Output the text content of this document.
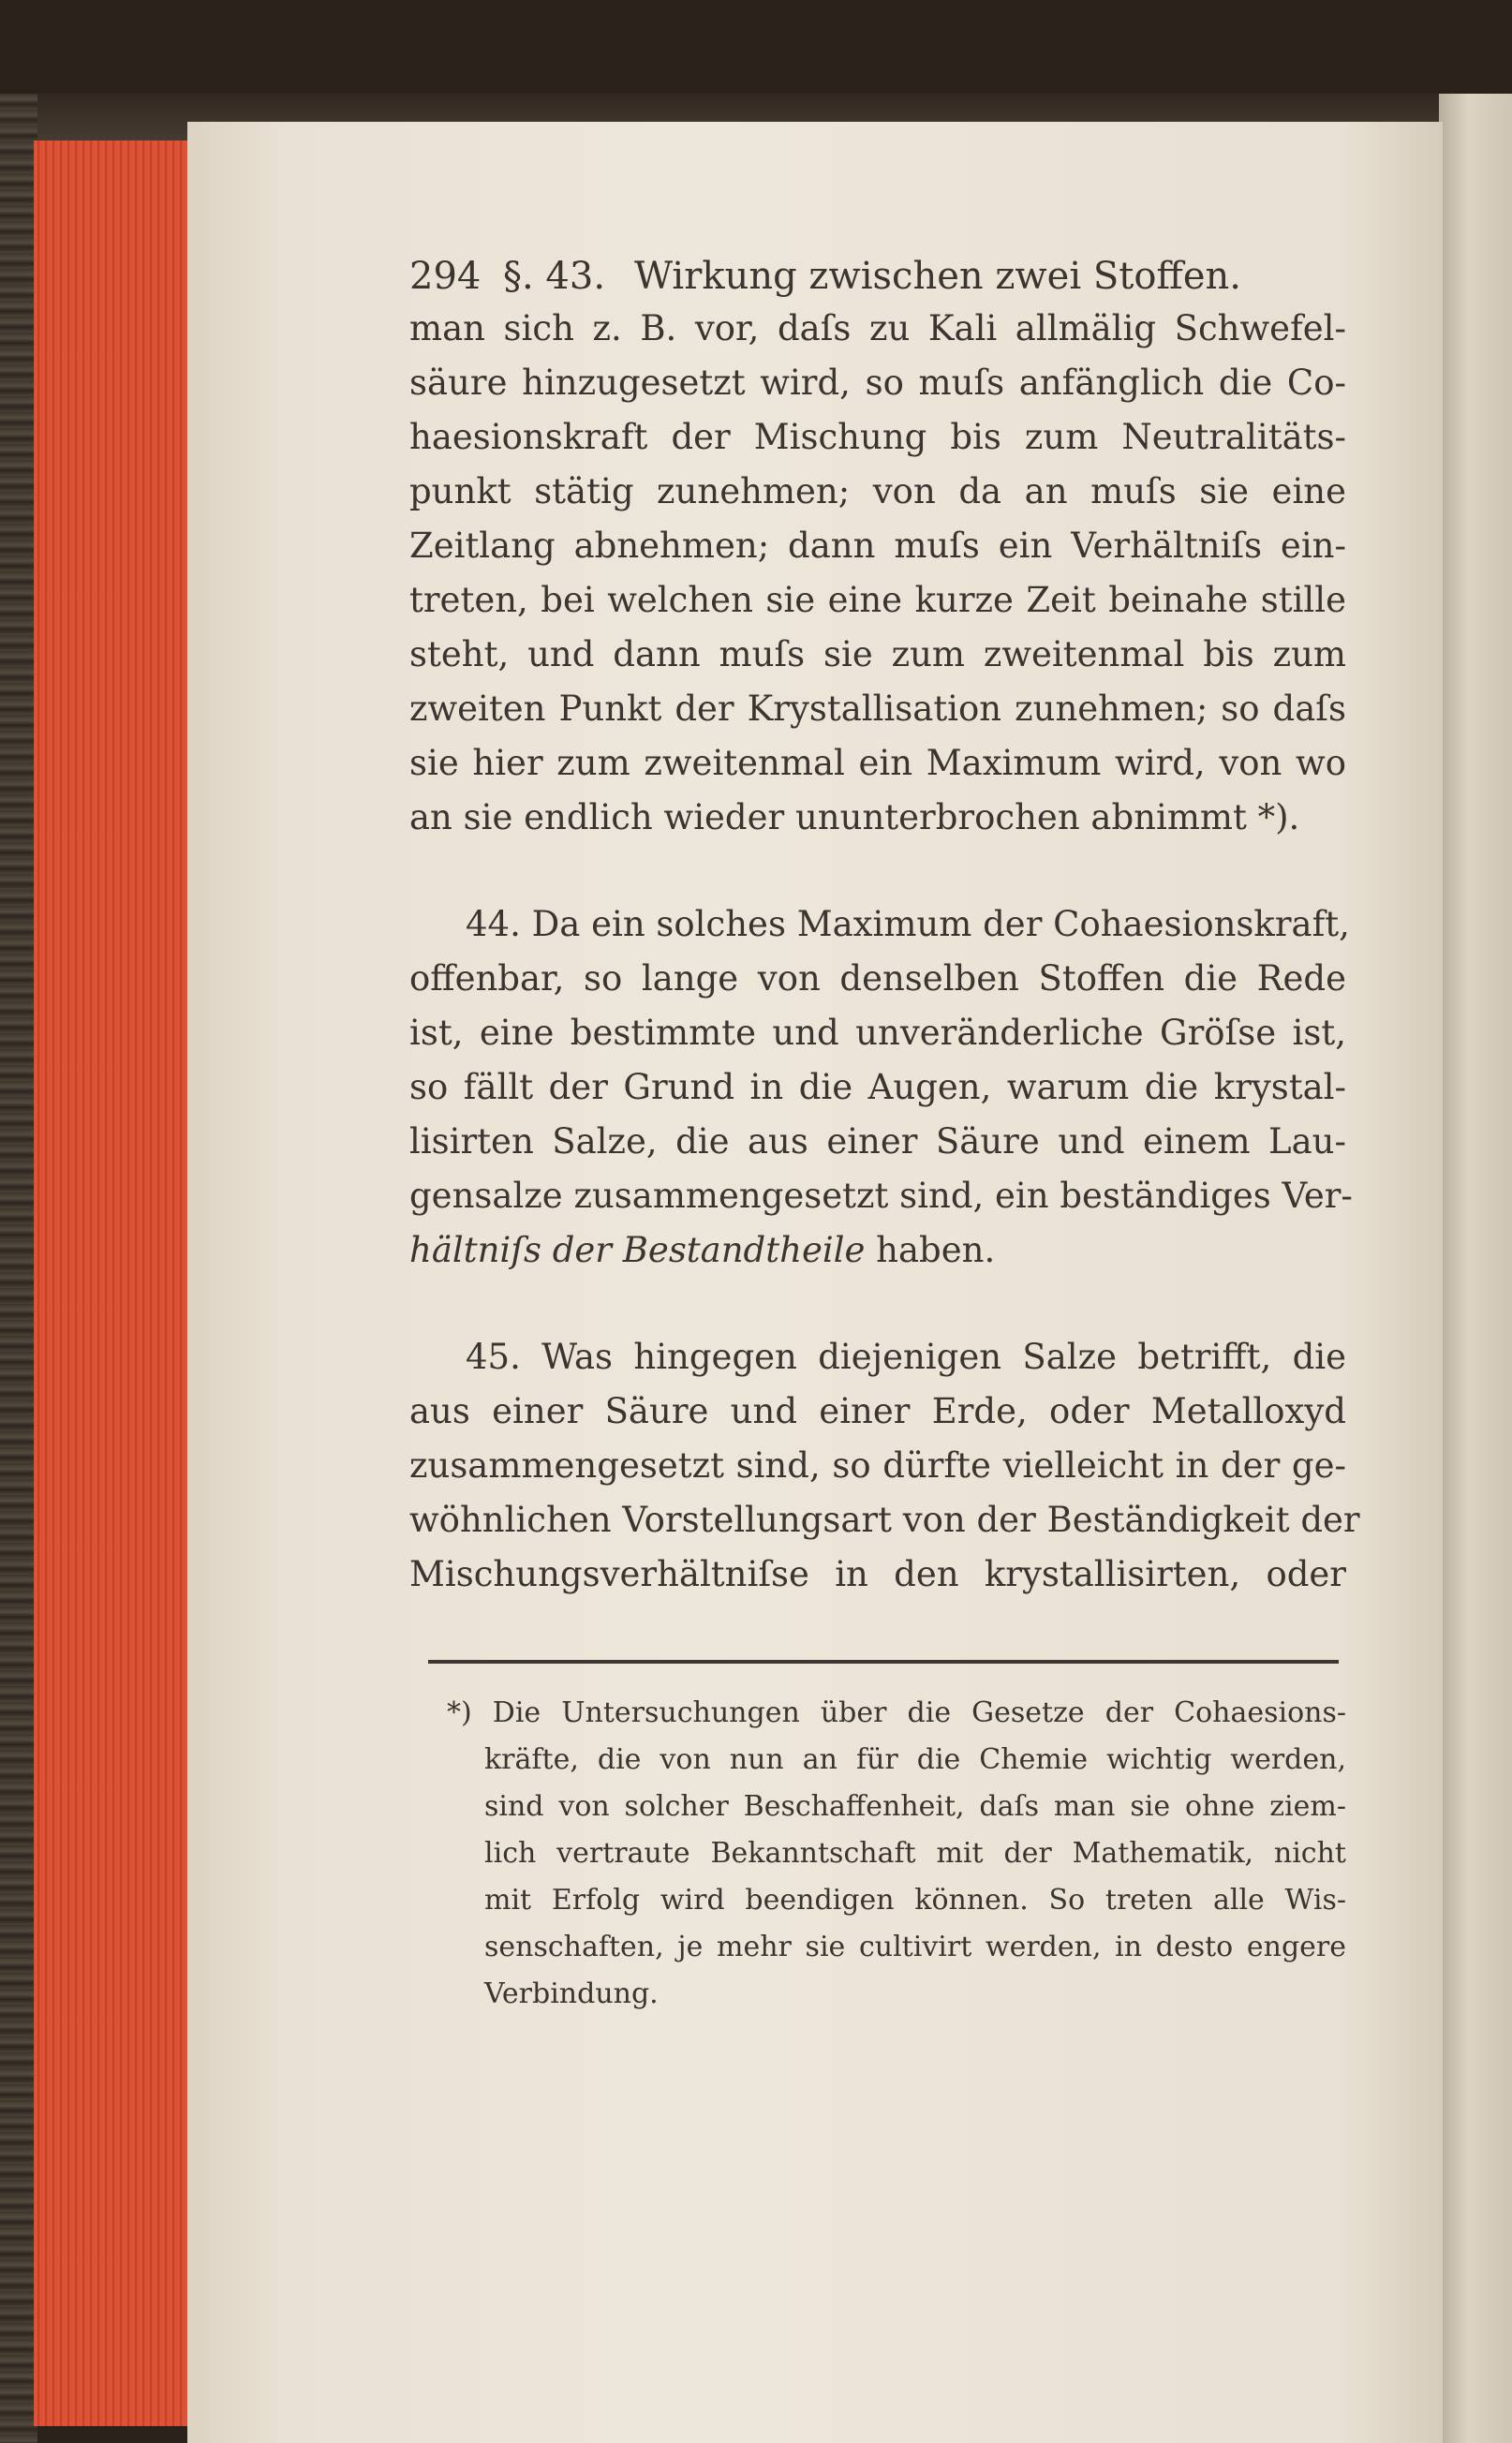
294 §. 43. Wirkung zwischen zwei Stoffen.
man sich z. B. vor, daſs zu Kali allmälig Schwefel-
säure hinzugesetzt wird, so muſs anfänglich die Co-
haesionskraft der Mischung bis zum Neutralitäts-
punkt stätig zunehmen; von da an muſs sie eine
Zeitlang abnehmen; dann muſs ein Verhältniſs ein-
treten, bei welchen sie eine kurze Zeit beinahe stille
steht, und dann muſs sie zum zweitenmal bis zum
zweiten Punkt der Krystallisation zunehmen; so daſs
sie hier zum zweitenmal ein Maximum wird, von wo
an sie endlich wieder ununterbrochen abnimmt *).
44. Da ein solches Maximum der Cohaesionskraft,
offenbar, so lange von denselben Stoffen die Rede
ist, eine bestimmte und unveränderliche Gröſse ist,
so fällt der Grund in die Augen, warum die krystal-
lisirten Salze, die aus einer Säure und einem Lau-
gensalze zusammengesetzt sind, ein beständiges Ver-
hältniſs der Bestandtheile haben.
45. Was hingegen diejenigen Salze betrifft, die
aus einer Säure und einer Erde, oder Metalloxyd
zusammengesetzt sind, so dürfte vielleicht in der ge-
wöhnlichen Vorstellungsart von der Beständigkeit der
Mischungsverhältniſse in den krystallisirten, oder
*) Die Untersuchungen über die Gesetze der Cohaesions-
kräfte, die von nun an für die Chemie wichtig werden,
sind von solcher Beschaffenheit, daſs man sie ohne ziem-
lich vertraute Bekanntschaft mit der Mathematik, nicht
mit Erfolg wird beendigen können. So treten alle Wis-
senschaften, je mehr sie cultivirt werden, in desto engere
Verbindung.
